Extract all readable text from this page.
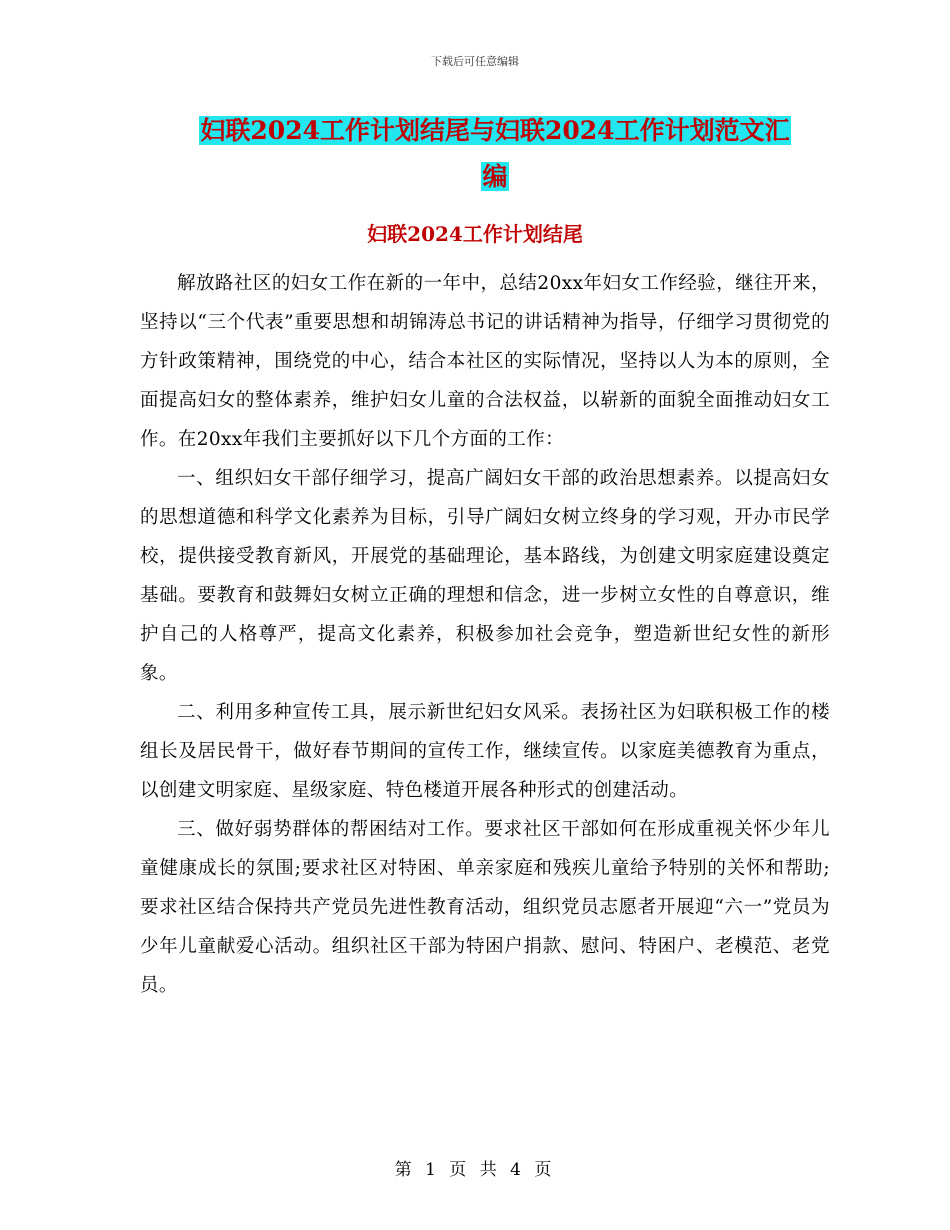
下载后可任意编辑
妇联2024工作计划结尾与妇联2024工作计划范文汇
编
妇联2024工作计划结尾

解放路社区的妇女工作在新的一年中，总结20xx年妇女工作经验，继往开来，坚持以“三个代表”重要思想和胡锦涛总书记的讲话精神为指导，仔细学习贯彻党的方针政策精神，围绕党的中心，结合本社区的实际情况，坚持以人为本的原则，全面提高妇女的整体素养，维护妇女儿童的合法权益，以崭新的面貌全面推动妇女工作。在20xx年我们主要抓好以下几个方面的工作：

一、组织妇女干部仔细学习，提高广阔妇女干部的政治思想素养。以提高妇女的思想道德和科学文化素养为目标，引导广阔妇女树立终身的学习观，开办市民学校，提供接受教育新风，开展党的基础理论，基本路线，为创建文明家庭建设奠定基础。要教育和鼓舞妇女树立正确的理想和信念，进一步树立女性的自尊意识，维护自己的人格尊严，提高文化素养，积极参加社会竞争，塑造新世纪女性的新形象。

二、利用多种宣传工具，展示新世纪妇女风采。表扬社区为妇联积极工作的楼组长及居民骨干，做好春节期间的宣传工作，继续宣传。以家庭美德教育为重点，以创建文明家庭、星级家庭、特色楼道开展各种形式的创建活动。

三、做好弱势群体的帮困结对工作。要求社区干部如何在形成重视关怀少年儿童健康成长的氛围;要求社区对特困、单亲家庭和残疾儿童给予特别的关怀和帮助;要求社区结合保持共产党员先进性教育活动，组织党员志愿者开展迎“六一”党员为少年儿童献爱心活动。组织社区干部为特困户捐款、慰问、特困户、老模范、老党员。

第 1 页 共 4 页
